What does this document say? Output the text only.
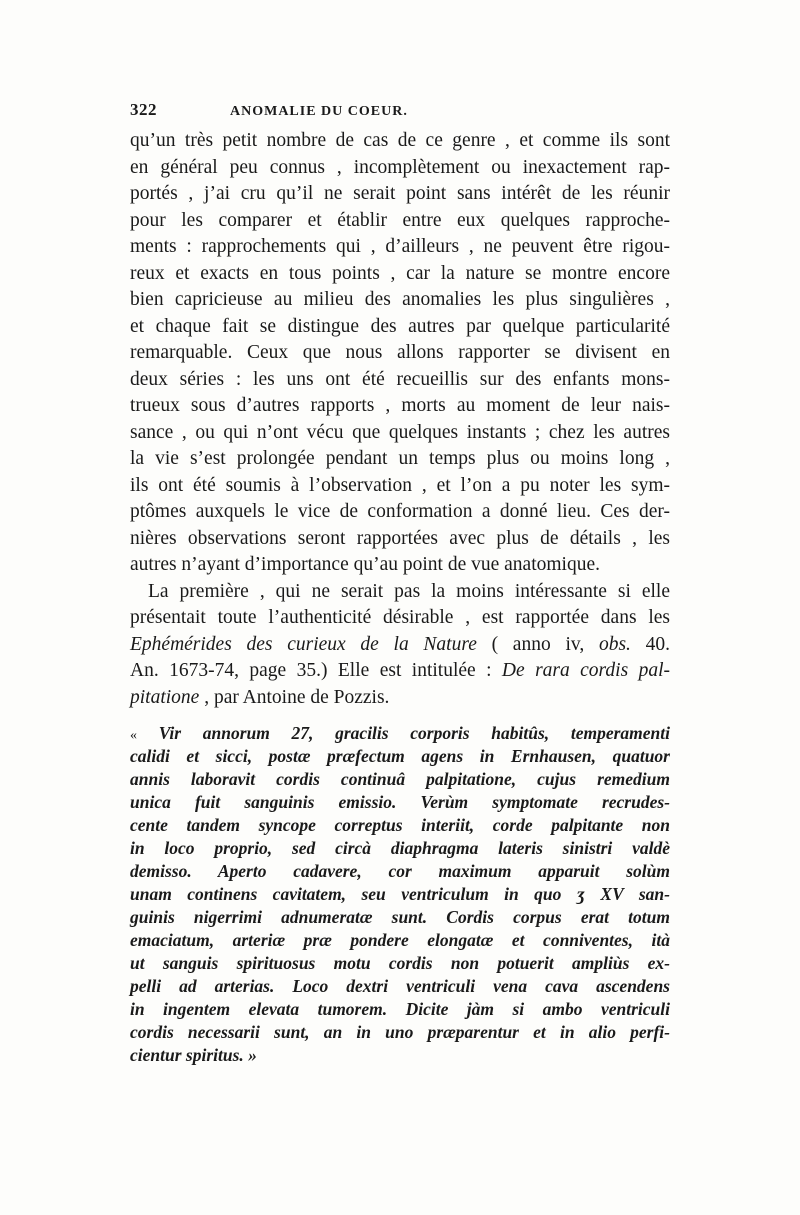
322	ANOMALIE DU COEUR.
qu’un très petit nombre de cas de ce genre , et comme ils sont
en général peu connus , incomplètement ou inexactement rap-
portés , j’ai cru qu’il ne serait point sans intérêt de les réunir
pour les comparer et établir entre eux quelques rapproche-
ments : rapprochements qui , d’ailleurs , ne peuvent être rigou-
reux et exacts en tous points , car la nature se montre encore
bien capricieuse au milieu des anomalies les plus singulières ,
et chaque fait se distingue des autres par quelque particularité
remarquable. Ceux que nous allons rapporter se divisent en
deux séries : les uns ont été recueillis sur des enfants mons-
trueux sous d’autres rapports , morts au moment de leur nais-
sance , ou qui n’ont vécu que quelques instants ; chez les autres
la vie s’est prolongée pendant un temps plus ou moins long ,
ils ont été soumis à l’observation , et l’on a pu noter les sym-
ptômes auxquels le vice de conformation a donné lieu. Ces der-
nières observations seront rapportées avec plus de détails , les
autres n’ayant d’importance qu’au point de vue anatomique.
La première , qui ne serait pas la moins intéressante si elle
présentait toute l’authenticité désirable , est rapportée dans les
Ephémérides des curieux de la Nature ( anno iv, obs. 40.
An. 1673-74, page 35.) Elle est intitulée : De rara cordis pal-
pitatione , par Antoine de Pozzis.
« Vir annorum 27, gracilis corporis habitûs, temperamenti
calidi et sicci, postæ præfectum agens in Ernhausen, quatuor
annis laboravit cordis continuâ palpitatione, cujus remedium
unica fuit sanguinis emissio. Verùm symptomate recrudes-
cente tandem syncope correptus interiit, corde palpitante non
in loco proprio, sed circà diaphragma lateris sinistri valdè
demisso. Aperto cadavere, cor maximum apparuit solùm
unam continens cavitatem, seu ventriculum in quo ʒ XV san-
guinis nigerrimi adnumeratæ sunt. Cordis corpus erat totum
emaciatum, arteriæ præ pondere elongatæ et conniventes, ità
ut sanguis spirituosus motu cordis non potuerit ampliùs ex-
pelli ad arterias. Loco dextri ventriculi vena cava ascendens
in ingentem elevata tumorem. Dicite jàm si ambo ventriculi
cordis necessarii sunt, an in uno præparentur et in alio perfi-
cientur spiritus. »
